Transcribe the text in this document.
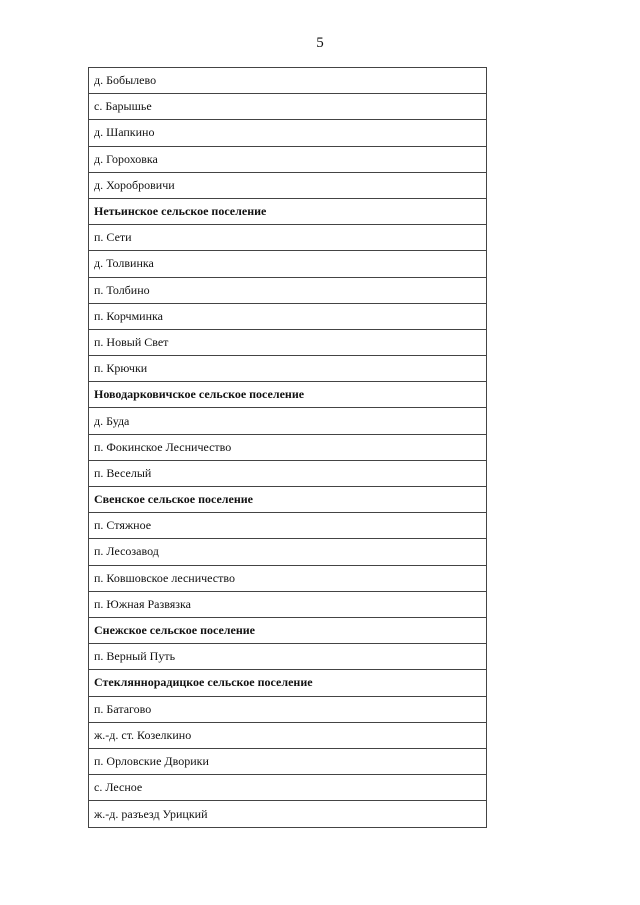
5
д. Бобылево
с. Барышье
д. Шапкино
д. Гороховка
д. Хоробровичи
Нетьинское сельское поселение
п. Сети
д. Толвинка
п. Толбино
п. Корчминка
п. Новый Свет
п. Крючки
Новодарковичское сельское поселение
д. Буда
п. Фокинское Лесничество
п. Веселый
Свенское сельское поселение
п. Стяжное
п. Лесозавод
п. Ковшовское лесничество
п. Южная Развязка
Снежское сельское поселение
п. Верный Путь
Стекляннорадицкое сельское поселение
п. Батагово
ж.-д. ст. Козелкино
п. Орловские Дворики
с. Лесное
ж.-д. разъезд Урицкий
